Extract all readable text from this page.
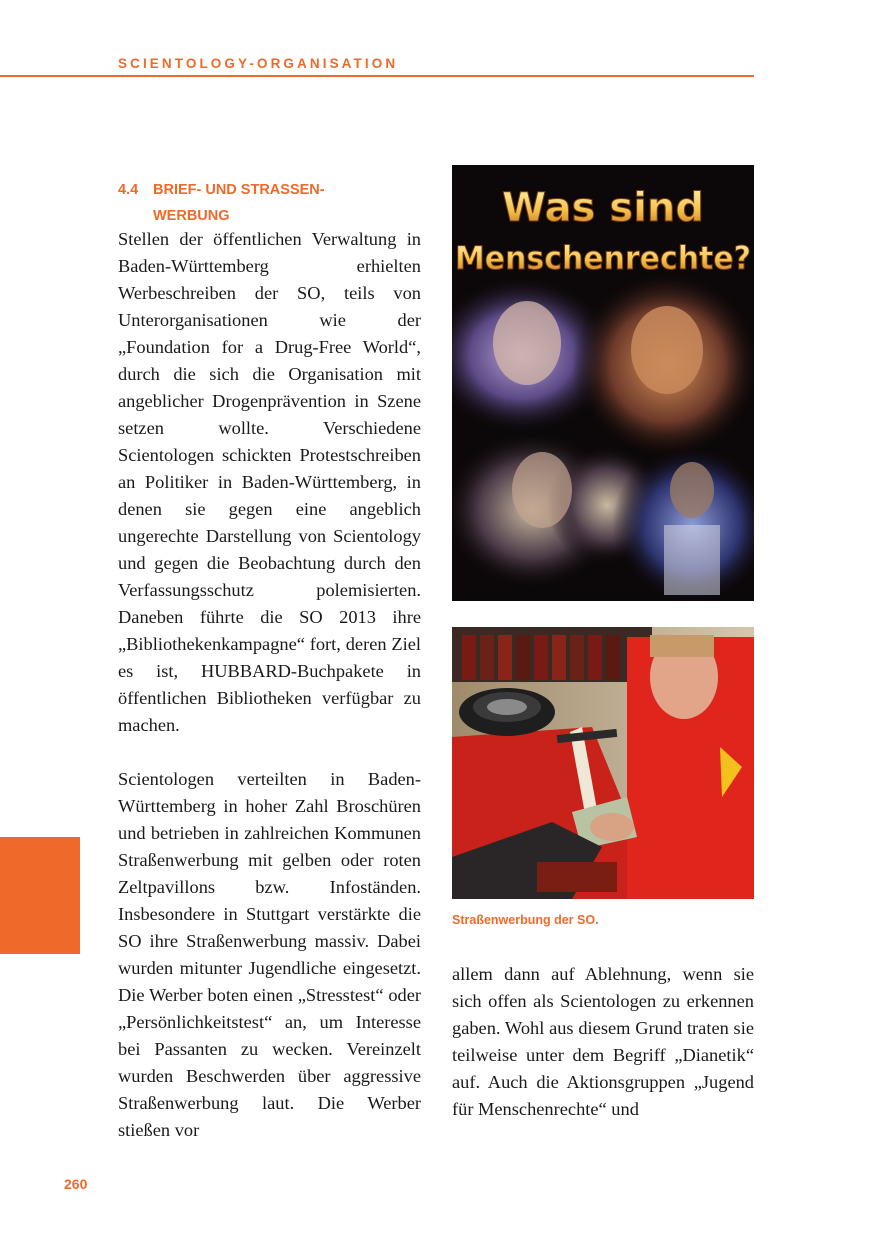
SCIENTOLOGY-ORGANISATION
4.4 BRIEF- UND STRASSEN-
WERBUNG

Stellen der öffentlichen Verwaltung in Baden-Württemberg erhielten Werbeschreiben der SO, teils von Unterorganisationen wie der „Foundation for a Drug-Free World“, durch die sich die Organisation mit angeblicher Drogenprävention in Szene setzen wollte. Verschiedene Scientologen schickten Protestschreiben an Politiker in Baden-Württemberg, in denen sie gegen eine angeblich ungerechte Darstellung von Scientology und gegen die Beobachtung durch den Verfassungsschutz polemisierten. Daneben führte die SO 2013 ihre „Bibliothekenkampagne“ fort, deren Ziel es ist, HUBBARD-Buchpakete in öffentlichen Bibliotheken verfügbar zu machen.

Scientologen verteilten in Baden-Württemberg in hoher Zahl Broschüren und betrieben in zahlreichen Kommunen Straßenwerbung mit gelben oder roten Zeltpavillons bzw. Infoständen. Insbesondere in Stuttgart verstärkte die SO ihre Straßenwerbung massiv. Dabei wurden mitunter Jugendliche eingesetzt. Die Werber boten einen „Stresstest“ oder „Persönlichkeitstest“ an, um Interesse bei Passanten zu wecken. Vereinzelt wurden Beschwerden über aggressive Straßenwerbung laut. Die Werber stießen vor

Was sind
Menschenrechte?
Straßenwerbung der SO.

allem dann auf Ablehnung, wenn sie sich offen als Scientologen zu erkennen gaben. Wohl aus diesem Grund traten sie teilweise unter dem Begriff „Dianetik“ auf. Auch die Aktionsgruppen „Jugend für Menschenrechte“ und

260
